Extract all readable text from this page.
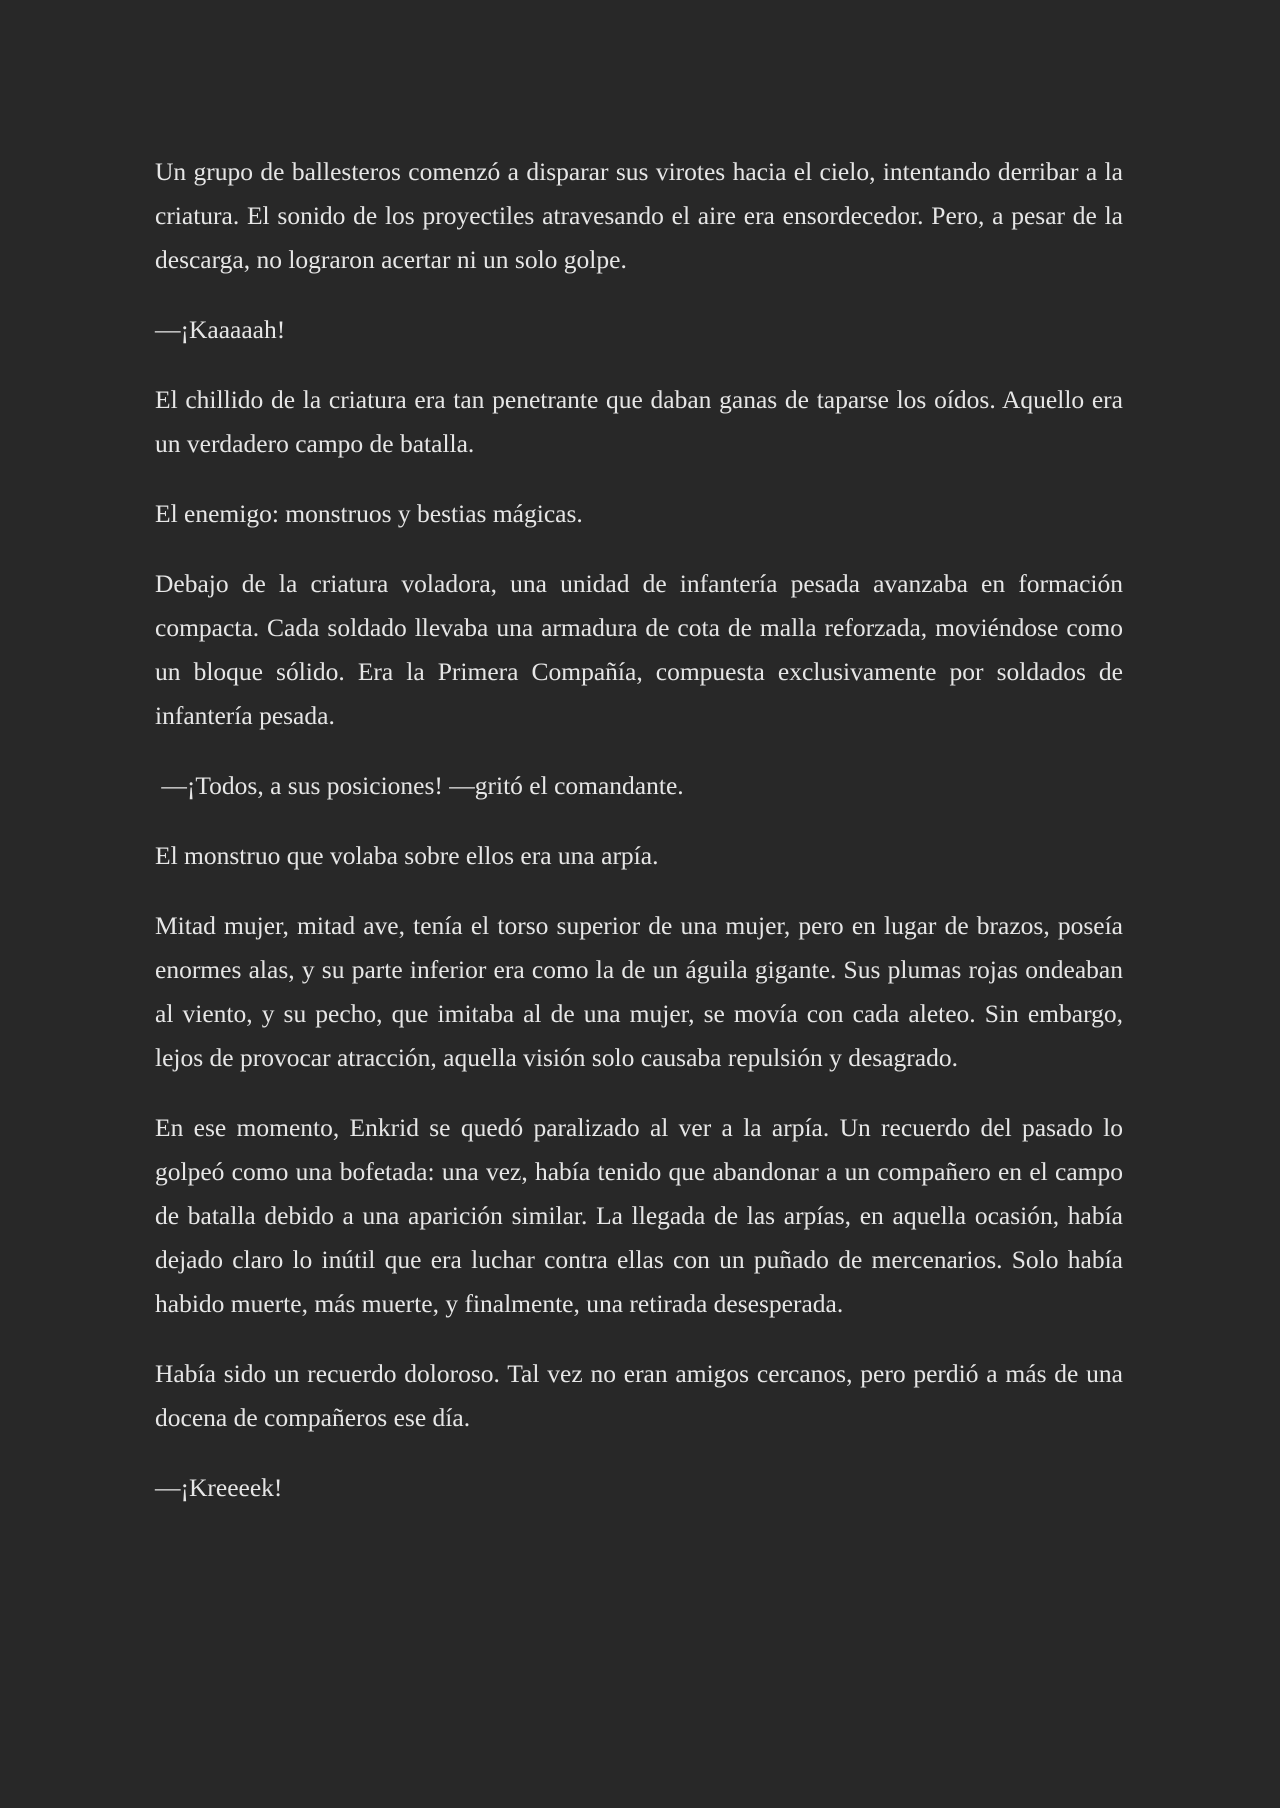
Un grupo de ballesteros comenzó a disparar sus virotes hacia el cielo, intentando derribar a la criatura. El sonido de los proyectiles atravesando el aire era ensordecedor. Pero, a pesar de la descarga, no lograron acertar ni un solo golpe.

—¡Kaaaaah!

El chillido de la criatura era tan penetrante que daban ganas de taparse los oídos. Aquello era un verdadero campo de batalla.

El enemigo: monstruos y bestias mágicas.

Debajo de la criatura voladora, una unidad de infantería pesada avanzaba en formación compacta. Cada soldado llevaba una armadura de cota de malla reforzada, moviéndose como un bloque sólido. Era la Primera Compañía, compuesta exclusivamente por soldados de infantería pesada.

—¡Todos, a sus posiciones! —gritó el comandante.

El monstruo que volaba sobre ellos era una arpía.

Mitad mujer, mitad ave, tenía el torso superior de una mujer, pero en lugar de brazos, poseía enormes alas, y su parte inferior era como la de un águila gigante. Sus plumas rojas ondeaban al viento, y su pecho, que imitaba al de una mujer, se movía con cada aleteo. Sin embargo, lejos de provocar atracción, aquella visión solo causaba repulsión y desagrado.

En ese momento, Enkrid se quedó paralizado al ver a la arpía. Un recuerdo del pasado lo golpeó como una bofetada: una vez, había tenido que abandonar a un compañero en el campo de batalla debido a una aparición similar. La llegada de las arpías, en aquella ocasión, había dejado claro lo inútil que era luchar contra ellas con un puñado de mercenarios. Solo había habido muerte, más muerte, y finalmente, una retirada desesperada.

Había sido un recuerdo doloroso. Tal vez no eran amigos cercanos, pero perdió a más de una docena de compañeros ese día.

—¡Kreeeek!
